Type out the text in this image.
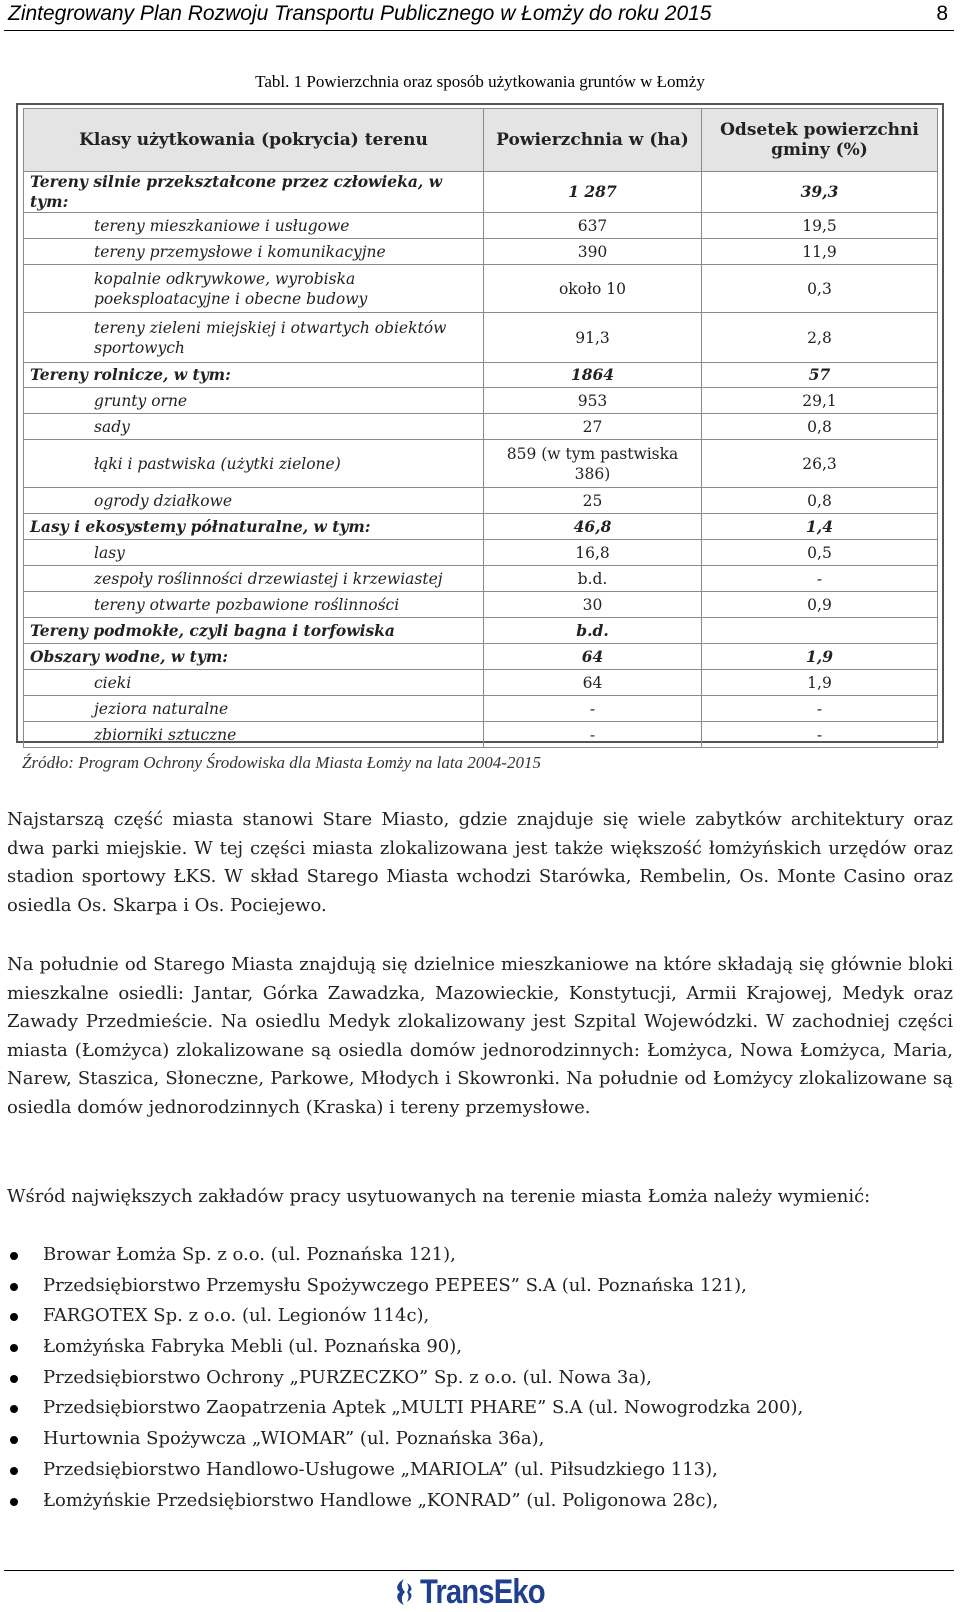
Zintegrowany Plan Rozwoju Transportu Publicznego w Łomży do roku 2015	8
Tabl. 1 Powierzchnia oraz sposób użytkowania gruntów w Łomży
Klasy użytkowania (pokrycia) terenu	Powierzchnia w (ha)	Odsetek powierzchni gminy (%)
Tereny silnie przekształcone przez człowieka, w tym:	1 287	39,3
tereny mieszkaniowe i usługowe	637	19,5
tereny przemysłowe i komunikacyjne	390	11,9
kopalnie odkrywkowe, wyrobiska poeksploatacyjne i obecne budowy	około 10	0,3
tereny zieleni miejskiej i otwartych obiektów sportowych	91,3	2,8
Tereny rolnicze, w tym:	1864	57
grunty orne	953	29,1
sady	27	0,8
łąki i pastwiska (użytki zielone)	859 (w tym pastwiska 386)	26,3
ogrody działkowe	25	0,8
Lasy i ekosystemy półnaturalne, w tym:	46,8	1,4
lasy	16,8	0,5
zespoły roślinności drzewiastej i krzewiastej	b.d.	-
tereny otwarte pozbawione roślinności	30	0,9
Tereny podmokłe, czyli bagna i torfowiska	b.d.	
Obszary wodne, w tym:	64	1,9
cieki	64	1,9
jeziora naturalne	-	-
zbiorniki sztuczne	-	-
Źródło: Program Ochrony Środowiska dla Miasta Łomży na lata 2004-2015

Najstarszą część miasta stanowi Stare Miasto, gdzie znajduje się wiele zabytków architektury oraz dwa parki miejskie. W tej części miasta zlokalizowana jest także większość łomżyńskich urzędów oraz stadion sportowy ŁKS. W skład Starego Miasta wchodzi Starówka, Rembelin, Os. Monte Casino oraz osiedla Os. Skarpa i Os. Pociejewo.

Na południe od Starego Miasta znajdują się dzielnice mieszkaniowe na które składają się głównie bloki mieszkalne osiedli: Jantar, Górka Zawadzka, Mazowieckie, Konstytucji, Armii Krajowej, Medyk oraz Zawady Przedmieście. Na osiedlu Medyk zlokalizowany jest Szpital Wojewódzki. W zachodniej części miasta (Łomżyca) zlokalizowane są osiedla domów jednorodzinnych: Łomżyca, Nowa Łomżyca, Maria, Narew, Staszica, Słoneczne, Parkowe, Młodych i Skowronki. Na południe od Łomżycy zlokalizowane są osiedla domów jednorodzinnych (Kraska) i tereny przemysłowe.

Wśród największych zakładów pracy usytuowanych na terenie miasta Łomża należy wymienić:

Browar Łomża Sp. z o.o. (ul. Poznańska 121),
Przedsiębiorstwo Przemysłu Spożywczego PEPEES” S.A (ul. Poznańska 121),
FARGOTEX Sp. z o.o. (ul. Legionów 114c),
Łomżyńska Fabryka Mebli (ul. Poznańska 90),
Przedsiębiorstwo Ochrony „PURZECZKO” Sp. z o.o. (ul. Nowa 3a),
Przedsiębiorstwo Zaopatrzenia Aptek „MULTI PHARE” S.A (ul. Nowogrodzka 200),
Hurtownia Spożywcza „WIOMAR” (ul. Poznańska 36a),
Przedsiębiorstwo Handlowo-Usługowe „MARIOLA” (ul. Piłsudzkiego 113),
Łomżyńskie Przedsiębiorstwo Handlowe „KONRAD” (ul. Poligonowa 28c),
TransEko
